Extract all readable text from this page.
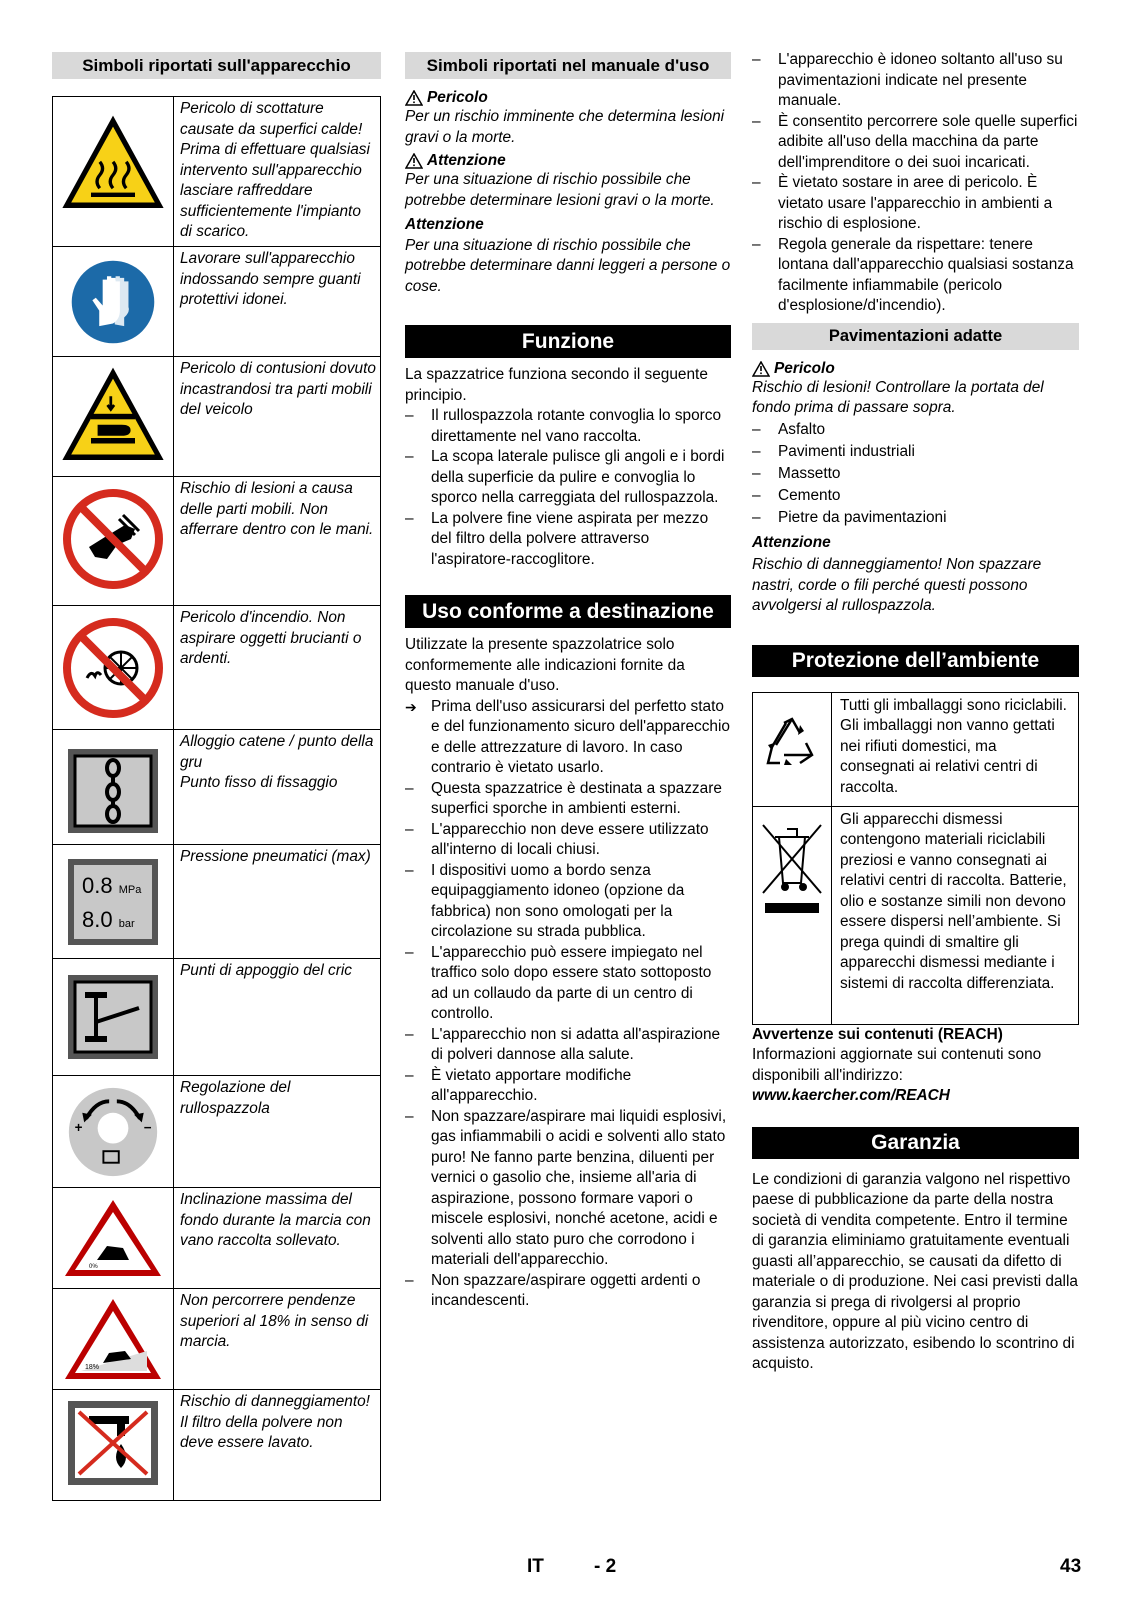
Simboli riportati sull'apparecchio
	Pericolo di scottature causate da superfici calde! Prima di effettuare qualsiasi intervento sull'apparecchio lasciare raffreddare sufficientemente l'impianto di scarico.
	Lavorare sull'apparecchio indossando sempre guanti protettivi idonei.
	Pericolo di contusioni dovuto incastrandosi tra parti mobili del veicolo
	Rischio di lesioni a causa delle parti mobili. Non afferrare dentro con le mani.
	Pericolo d'incendio. Non aspirare oggetti brucianti o ardenti.

Alloggio catene / punto della gru
Punto fisso di fissaggio

0.8 MPa
8.0 bar	Pressione pneumatici (max)
	Punti di appoggio del cric

+ −	Regolazione del rullospazzola

0%	Inclinazione massima del fondo durante la marcia con vano raccolta sollevato.

18%	Non percorrere pendenze superiori al 18% in senso di marcia.

Rischio di danneggiamento!
Il filtro della polvere non deve essere lavato.
Simboli riportati nel manuale d'uso
Pericolo

Per un rischio imminente che determina lesioni gravi o la morte.

Attenzione

Per una situazione di rischio possibile che potrebbe determinare lesioni gravi o la morte.

Attenzione

Per una situazione di rischio possibile che potrebbe determinare danni leggeri a persone o cose.

Funzione

La spazzatrice funziona secondo il seguente principio.

– Il rullospazzola rotante convoglia lo sporco direttamente nel vano raccolta.
– La scopa laterale pulisce gli angoli e i bordi della superficie da pulire e convoglia lo sporco nella carreggiata del rullospazzola.
– La polvere fine viene aspirata per mezzo del filtro della polvere attraverso l'aspiratore-raccoglitore.
Uso conforme a destinazione

Utilizzate la presente spazzolatrice solo conformemente alle indicazioni fornite da questo manuale d'uso.

➔ Prima dell'uso assicurarsi del perfetto stato e del funzionamento sicuro dell'apparecchio e delle attrezzature di lavoro. In caso contrario è vietato usarlo.
– Questa spazzatrice è destinata a spazzare superfici sporche in ambienti esterni.
– L'apparecchio non deve essere utilizzato all'interno di locali chiusi.
– I dispositivi uomo a bordo senza equipaggiamento idoneo (opzione da fabbrica) non sono omologati per la circolazione su strada pubblica.
– L'apparecchio può essere impiegato nel traffico solo dopo essere stato sottoposto ad un collaudo da parte di un centro di controllo.
– L'apparecchio non si adatta all'aspirazione di polveri dannose alla salute.
– È vietato apportare modifiche all'apparecchio.
– Non spazzare/aspirare mai liquidi esplosivi, gas infiammabili o acidi e solventi allo stato puro! Ne fanno parte benzina, diluenti per vernici o gasolio che, insieme all'aria di aspirazione, possono formare vapori o miscele esplosivi, nonché acetone, acidi e solventi allo stato puro che corrodono i materiali dell'apparecchio.
– Non spazzare/aspirare oggetti ardenti o incandescenti.
– L'apparecchio è idoneo soltanto all'uso su pavimentazioni indicate nel presente manuale.
– È consentito percorrere sole quelle superfici adibite all'uso della macchina da parte dell'imprenditore o dei suoi incaricati.
– È vietato sostare in aree di pericolo. È vietato usare l'apparecchio in ambienti a rischio di esplosione.
– Regola generale da rispettare: tenere lontana dall'apparecchio qualsiasi sostanza facilmente infiammabile (pericolo d'esplosione/d'incendio).
Pavimentazioni adatte
Pericolo

Rischio di lesioni! Controllare la portata del fondo prima di passare sopra.

– Asfalto
– Pavimenti industriali
– Massetto
– Cemento
– Pietre da pavimentazioni

Attenzione

Rischio di danneggiamento! Non spazzare nastri, corde o fili perché questi possono avvolgersi al rullospazzola.

Protezione dell’ambiente
	Tutti gli imballaggi sono riciclabili. Gli imballaggi non vanno gettati nei rifiuti domestici, ma consegnati ai relativi centri di raccolta.
	Gli apparecchi dismessi contengono materiali riciclabili preziosi e vanno consegnati ai relativi centri di raccolta. Batterie, olio e sostanze simili non devono essere dispersi nell’ambiente. Si prega quindi di smaltire gli apparecchi dismessi mediante i sistemi di raccolta differenziata.

Avvertenze sui contenuti (REACH)

Informazioni aggiornate sui contenuti sono disponibili all'indirizzo:

www.kaercher.com/REACH

Garanzia

Le condizioni di garanzia valgono nel rispettivo paese di pubblicazione da parte della nostra società di vendita competente. Entro il termine di garanzia eliminiamo gratuitamente eventuali guasti all’apparecchio, se causati da difetto di materiale o di produzione. Nei casi previsti dalla garanzia si prega di rivolgersi al proprio rivenditore, oppure al più vicino centro di assistenza autorizzato, esibendo lo scontrino di acquisto.

IT	- 2	43
